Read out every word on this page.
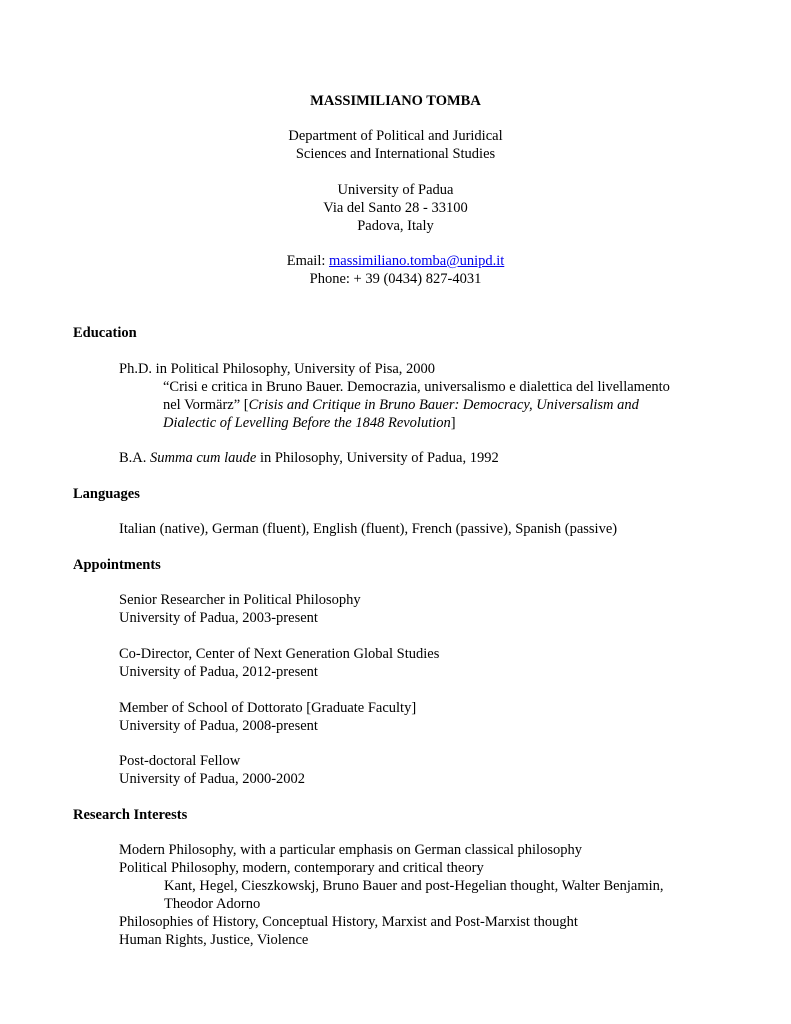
MASSIMILIANO TOMBA
Department of Political and Juridical
Sciences and International Studies
University of Padua
Via del Santo 28 - 33100
Padova, Italy
Email: massimiliano.tomba@unipd.it
Phone: + 39 (0434) 827-4031
Education
Ph.D. in Political Philosophy, University of Pisa, 2000
“Crisi e critica in Bruno Bauer. Democrazia, universalismo e dialettica del livellamento
nel Vormärz” [Crisis and Critique in Bruno Bauer: Democracy, Universalism and
Dialectic of Levelling Before the 1848 Revolution]
B.A. Summa cum laude in Philosophy, University of Padua, 1992
Languages
Italian (native), German (fluent), English (fluent), French (passive), Spanish (passive)
Appointments
Senior Researcher in Political Philosophy
University of Padua, 2003-present
Co-Director, Center of Next Generation Global Studies
University of Padua, 2012-present
Member of School of Dottorato [Graduate Faculty]
University of Padua, 2008-present
Post-doctoral Fellow
University of Padua, 2000-2002
Research Interests
Modern Philosophy, with a particular emphasis on German classical philosophy
Political Philosophy, modern, contemporary and critical theory
Kant, Hegel, Cieszkowskj, Bruno Bauer and post-Hegelian thought, Walter Benjamin,
Theodor Adorno
Philosophies of History, Conceptual History, Marxist and Post-Marxist thought
Human Rights, Justice, Violence
